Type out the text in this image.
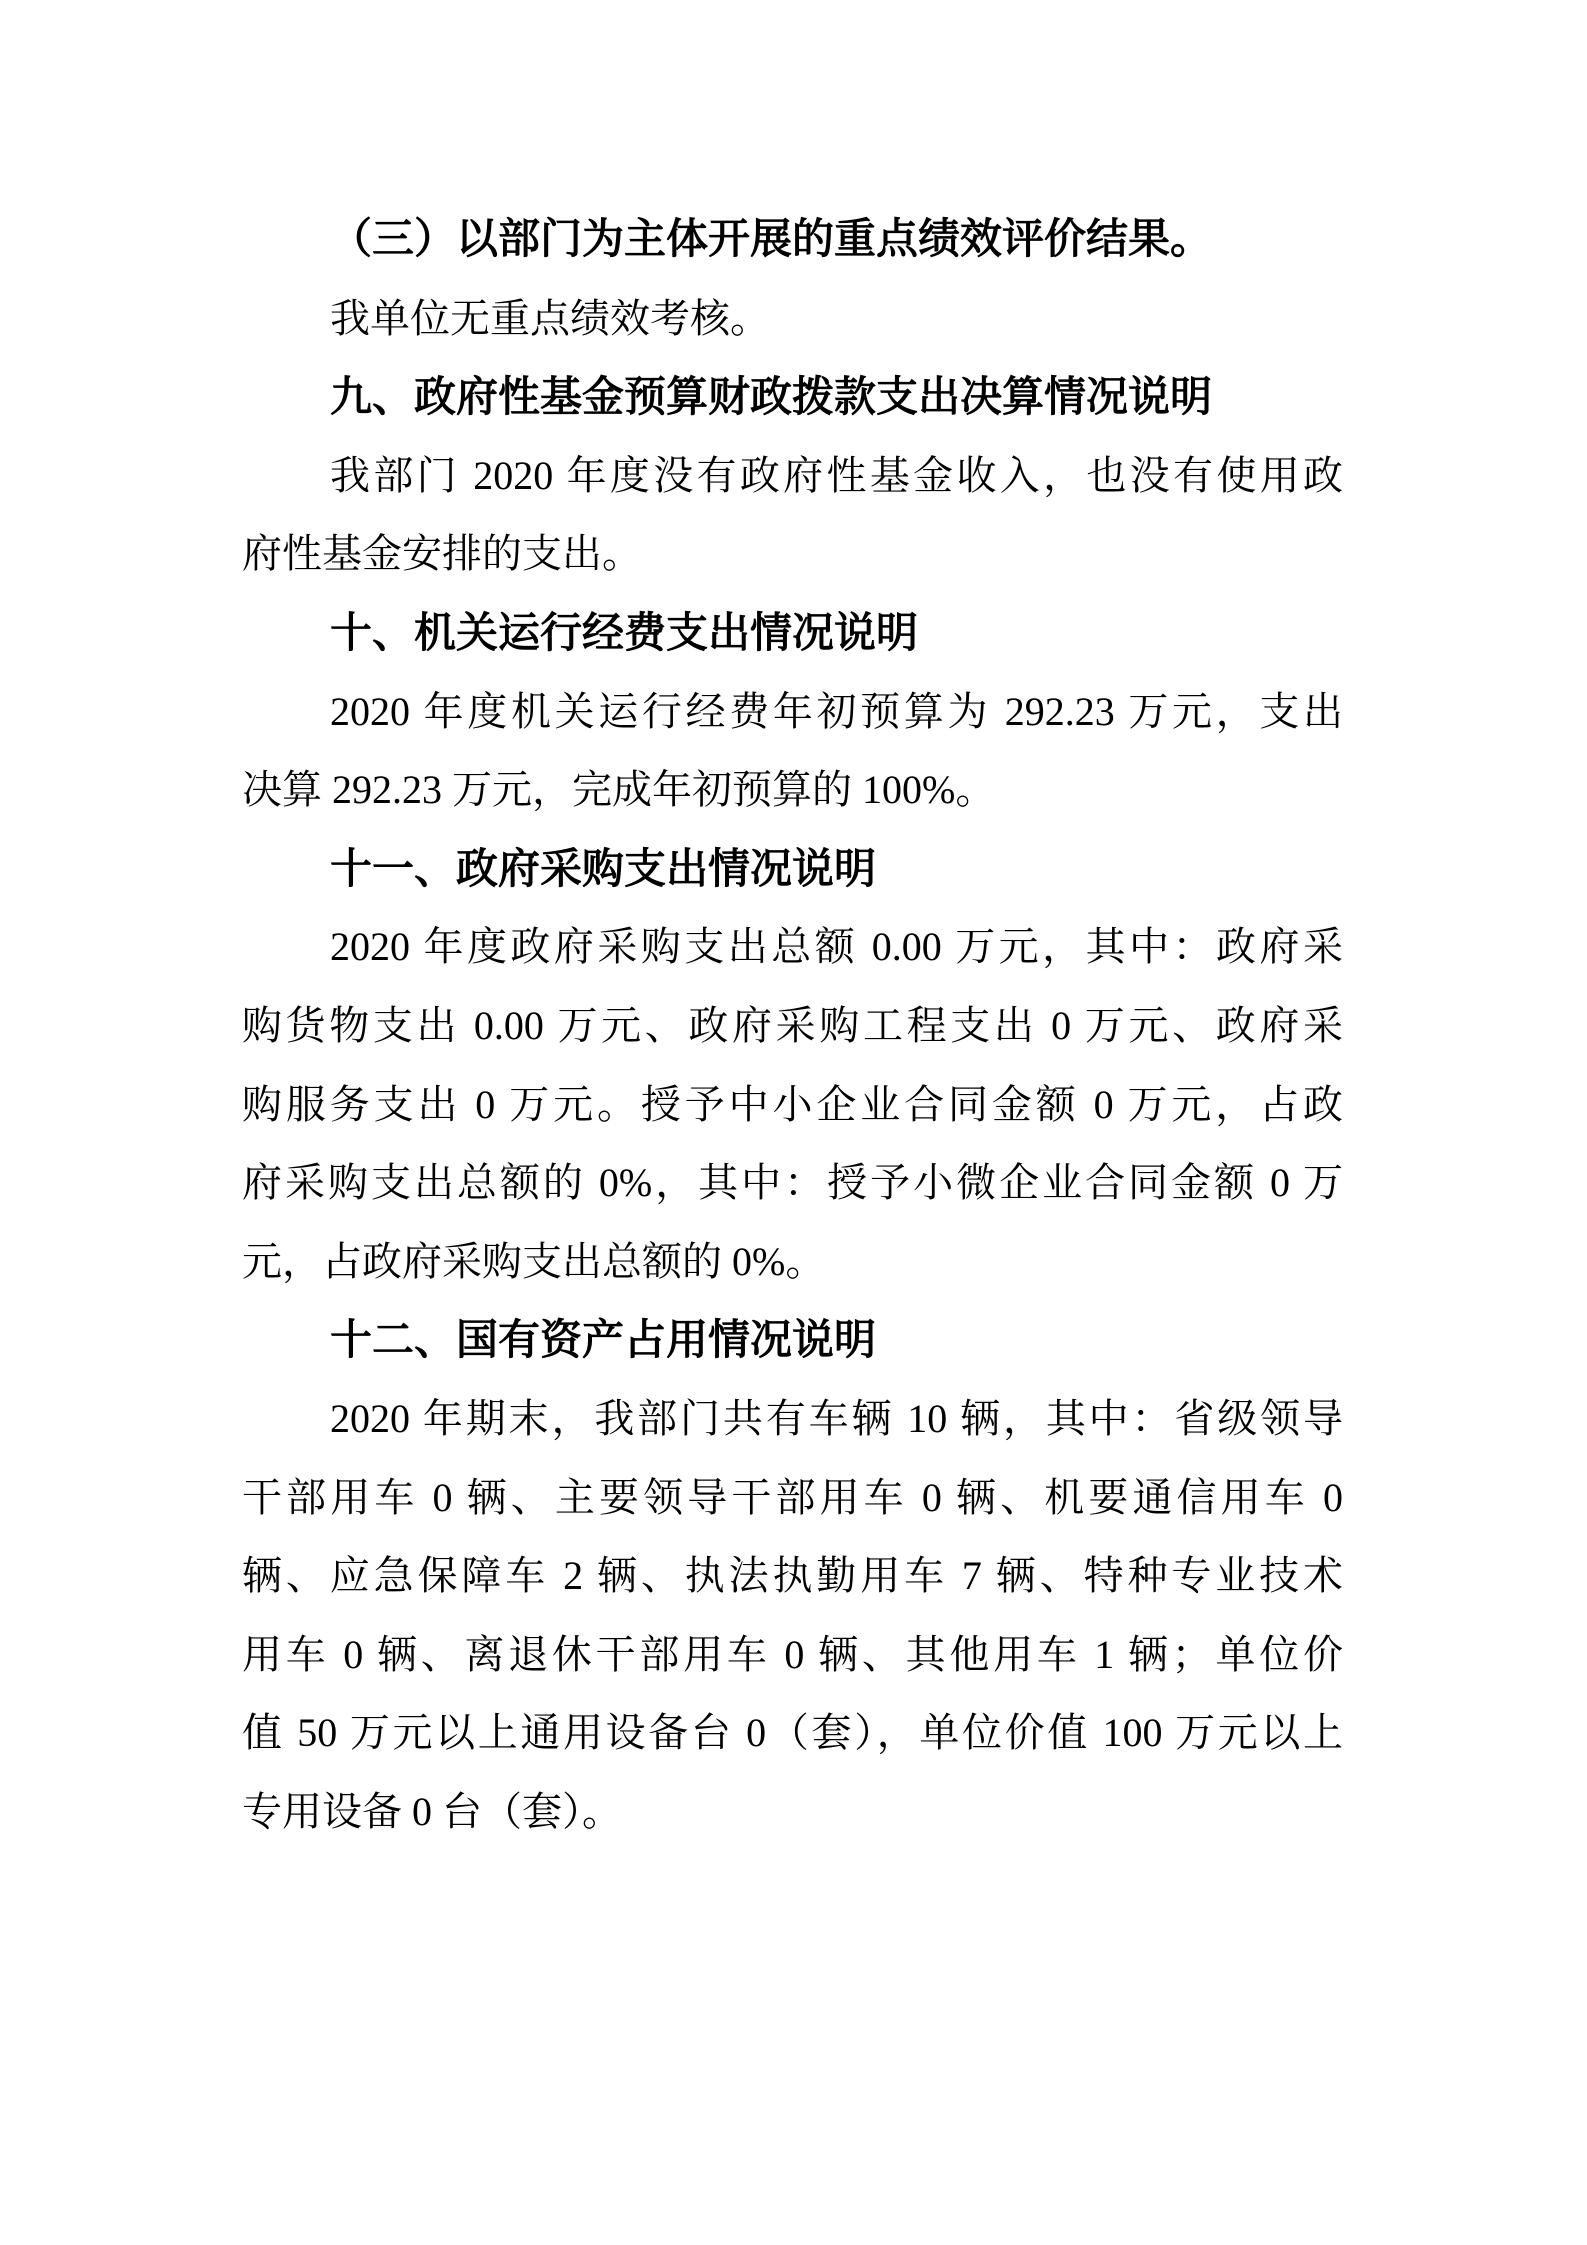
（三）以部门为主体开展的重点绩效评价结果。
我单位无重点绩效考核。
九、政府性基金预算财政拨款支出决算情况说明
我部门 2020 年度没有政府性基金收入，也没有使用政
府性基金安排的支出。
十、机关运行经费支出情况说明
2020 年度机关运行经费年初预算为 292.23 万元，支出
决算 292.23 万元，完成年初预算的 100%。
十一、政府采购支出情况说明
2020 年度政府采购支出总额 0.00 万元，其中：政府采
购货物支出 0.00 万元、政府采购工程支出 0 万元、政府采
购服务支出 0 万元。授予中小企业合同金额 0 万元，占政
府采购支出总额的 0%，其中：授予小微企业合同金额 0 万
元，占政府采购支出总额的 0%。
十二、国有资产占用情况说明
2020 年期末，我部门共有车辆 10 辆，其中：省级领导
干部用车 0 辆、主要领导干部用车 0 辆、机要通信用车 0
辆、应急保障车 2 辆、执法执勤用车 7 辆、特种专业技术
用车 0 辆、离退休干部用车 0 辆、其他用车 1 辆；单位价
值 50 万元以上通用设备台 0（套），单位价值 100 万元以上
专用设备 0 台（套）。
